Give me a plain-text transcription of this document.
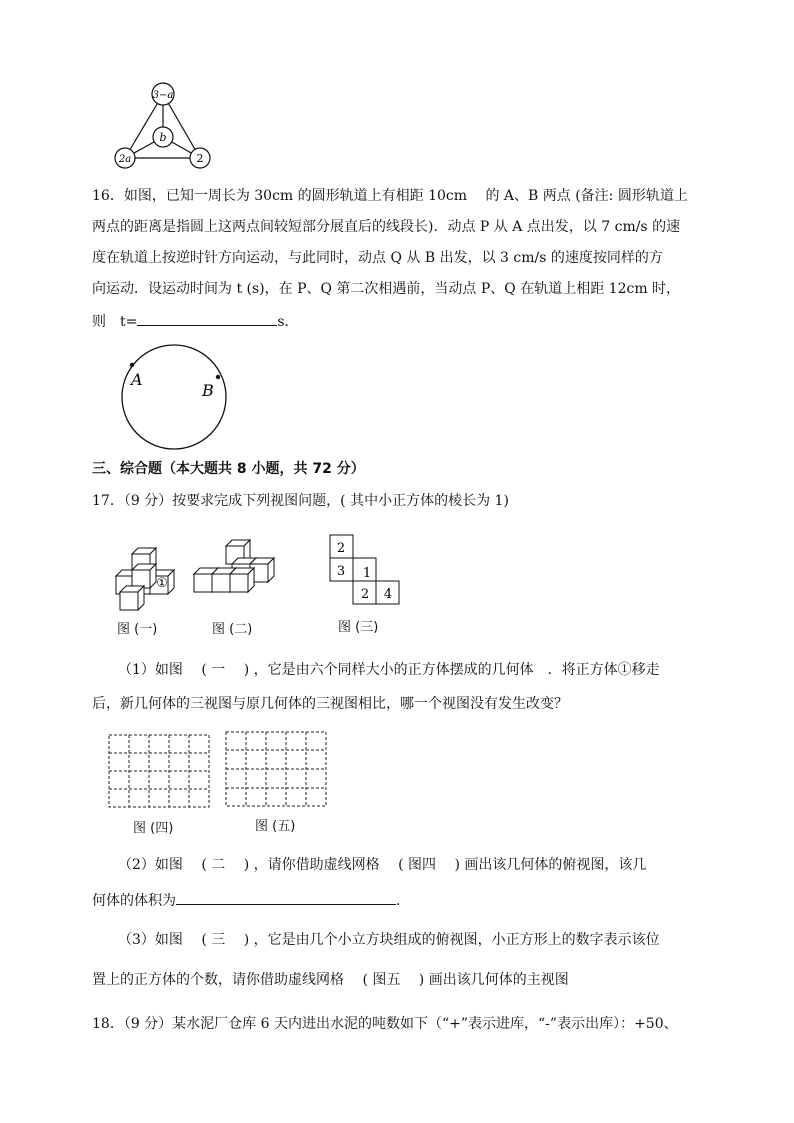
3−a
b
2a	2
16．如图，已知一周长为 30cm 的圆形轨道上有相距 10cm　 的 A、B 两点 (备注: 圆形轨道上
两点的距离是指圆上这两点间较短部分展直后的线段长)．动点 P 从 A 点出发，以 7 cm/s 的速
度在轨道上按逆时针方向运动，与此同时，动点 Q 从 B 出发，以 3 cm/s 的速度按同样的方
向运动．设运动时间为 t (s)，在 P、Q 第二次相遇前，当动点 P、Q 在轨道上相距 12cm 时，
则　t=	s．
A
B
三、综合题（本大题共 8 小题，共 72 分）
17．（9 分）按要求完成下列视图问题，( 其中小正方体的棱长为 1)
①
图 (一)	图 (二)
2
3 1
2 4
图 (三)
（1）如图　 ( 一　 ) ，它是由六个同样大小的正方体摆成的几何体　．将正方体①移走
后，新几何体的三视图与原几何体的三视图相比，哪一个视图没有发生改变？
图 (四)	图 (五)
（2）如图　 ( 二　 ) ，请你借助虚线网格　 ( 图四　 ) 画出该几何体的俯视图，该几
何体的体积为	.
（3）如图　 ( 三　 ) ，它是由几个小立方块组成的俯视图，小正方形上的数字表示该位
置上的正方体的个数，请你借助虚线网格　 ( 图五　 ) 画出该几何体的主视图
18．（9 分）某水泥厂仓库 6 天内进出水泥的吨数如下（“+”表示进库，“-”表示出库）：+50、
